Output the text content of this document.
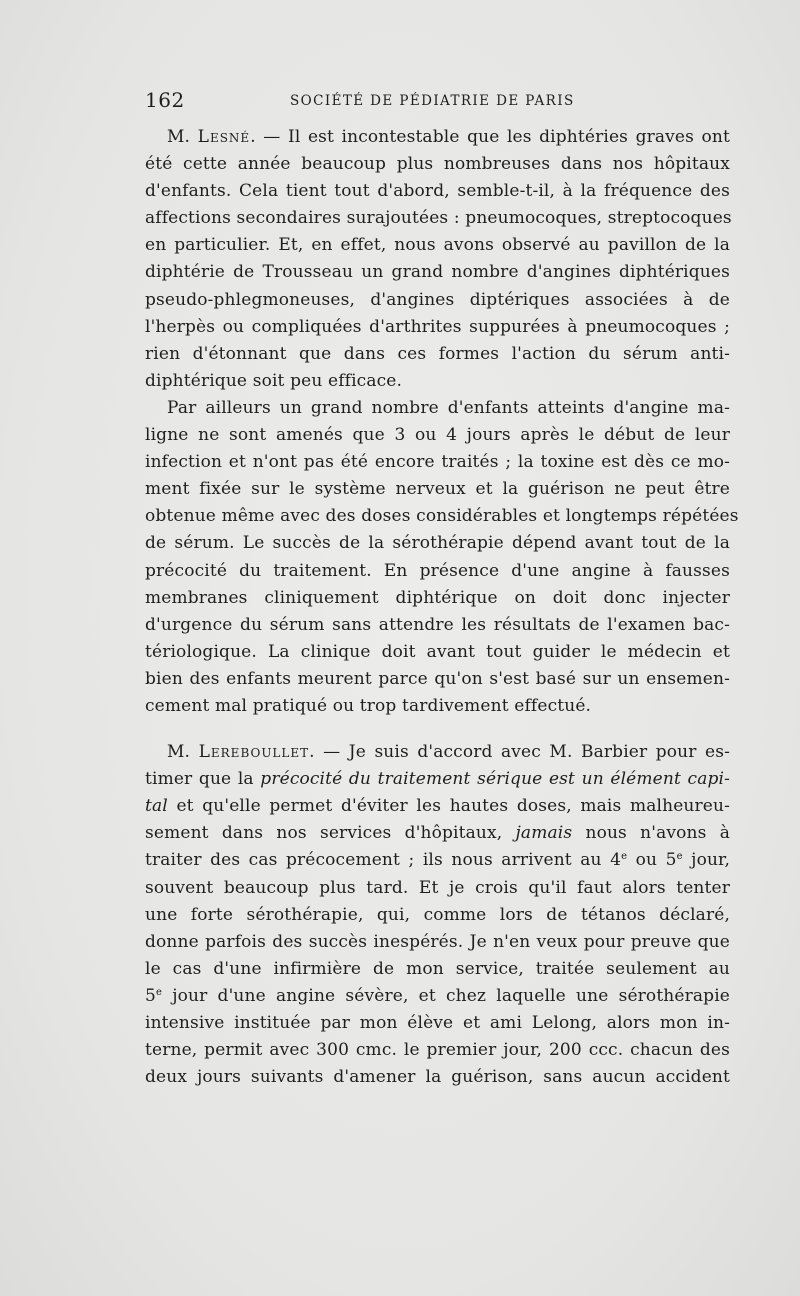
162	SOCIÉTÉ DE PÉDIATRIE DE PARIS
M. Lesné. — Il est incontestable que les diphtéries graves ont
été cette année beaucoup plus nombreuses dans nos hôpitaux
d'enfants. Cela tient tout d'abord, semble-t-il, à la fréquence des
affections secondaires surajoutées : pneumocoques, streptocoques
en particulier. Et, en effet, nous avons observé au pavillon de la
diphtérie de Trousseau un grand nombre d'angines diphtériques
pseudo-phlegmoneuses, d'angines diptériques associées à de
l'herpès ou compliquées d'arthrites suppurées à pneumocoques ;
rien d'étonnant que dans ces formes l'action du sérum anti-
diphtérique soit peu efficace.
Par ailleurs un grand nombre d'enfants atteints d'angine ma-
ligne ne sont amenés que 3 ou 4 jours après le début de leur
infection et n'ont pas été encore traités ; la toxine est dès ce mo-
ment fixée sur le système nerveux et la guérison ne peut être
obtenue même avec des doses considérables et longtemps répétées
de sérum. Le succès de la sérothérapie dépend avant tout de la
précocité du traitement. En présence d'une angine à fausses
membranes cliniquement diphtérique on doit donc injecter
d'urgence du sérum sans attendre les résultats de l'examen bac-
tériologique. La clinique doit avant tout guider le médecin et
bien des enfants meurent parce qu'on s'est basé sur un ensemen-
cement mal pratiqué ou trop tardivement effectué.
M. Lereboullet. — Je suis d'accord avec M. Barbier pour es-
timer que la précocité du traitement sérique est un élément capi-
tal et qu'elle permet d'éviter les hautes doses, mais malheureu-
sement dans nos services d'hôpitaux, jamais nous n'avons à
traiter des cas précocement ; ils nous arrivent au 4e ou 5e jour,
souvent beaucoup plus tard. Et je crois qu'il faut alors tenter
une forte sérothérapie, qui, comme lors de tétanos déclaré,
donne parfois des succès inespérés. Je n'en veux pour preuve que
le cas d'une infirmière de mon service, traitée seulement au
5e jour d'une angine sévère, et chez laquelle une sérothérapie
intensive instituée par mon élève et ami Lelong, alors mon in-
terne, permit avec 300 cmc. le premier jour, 200 ccc. chacun des
deux jours suivants d'amener la guérison, sans aucun accident
